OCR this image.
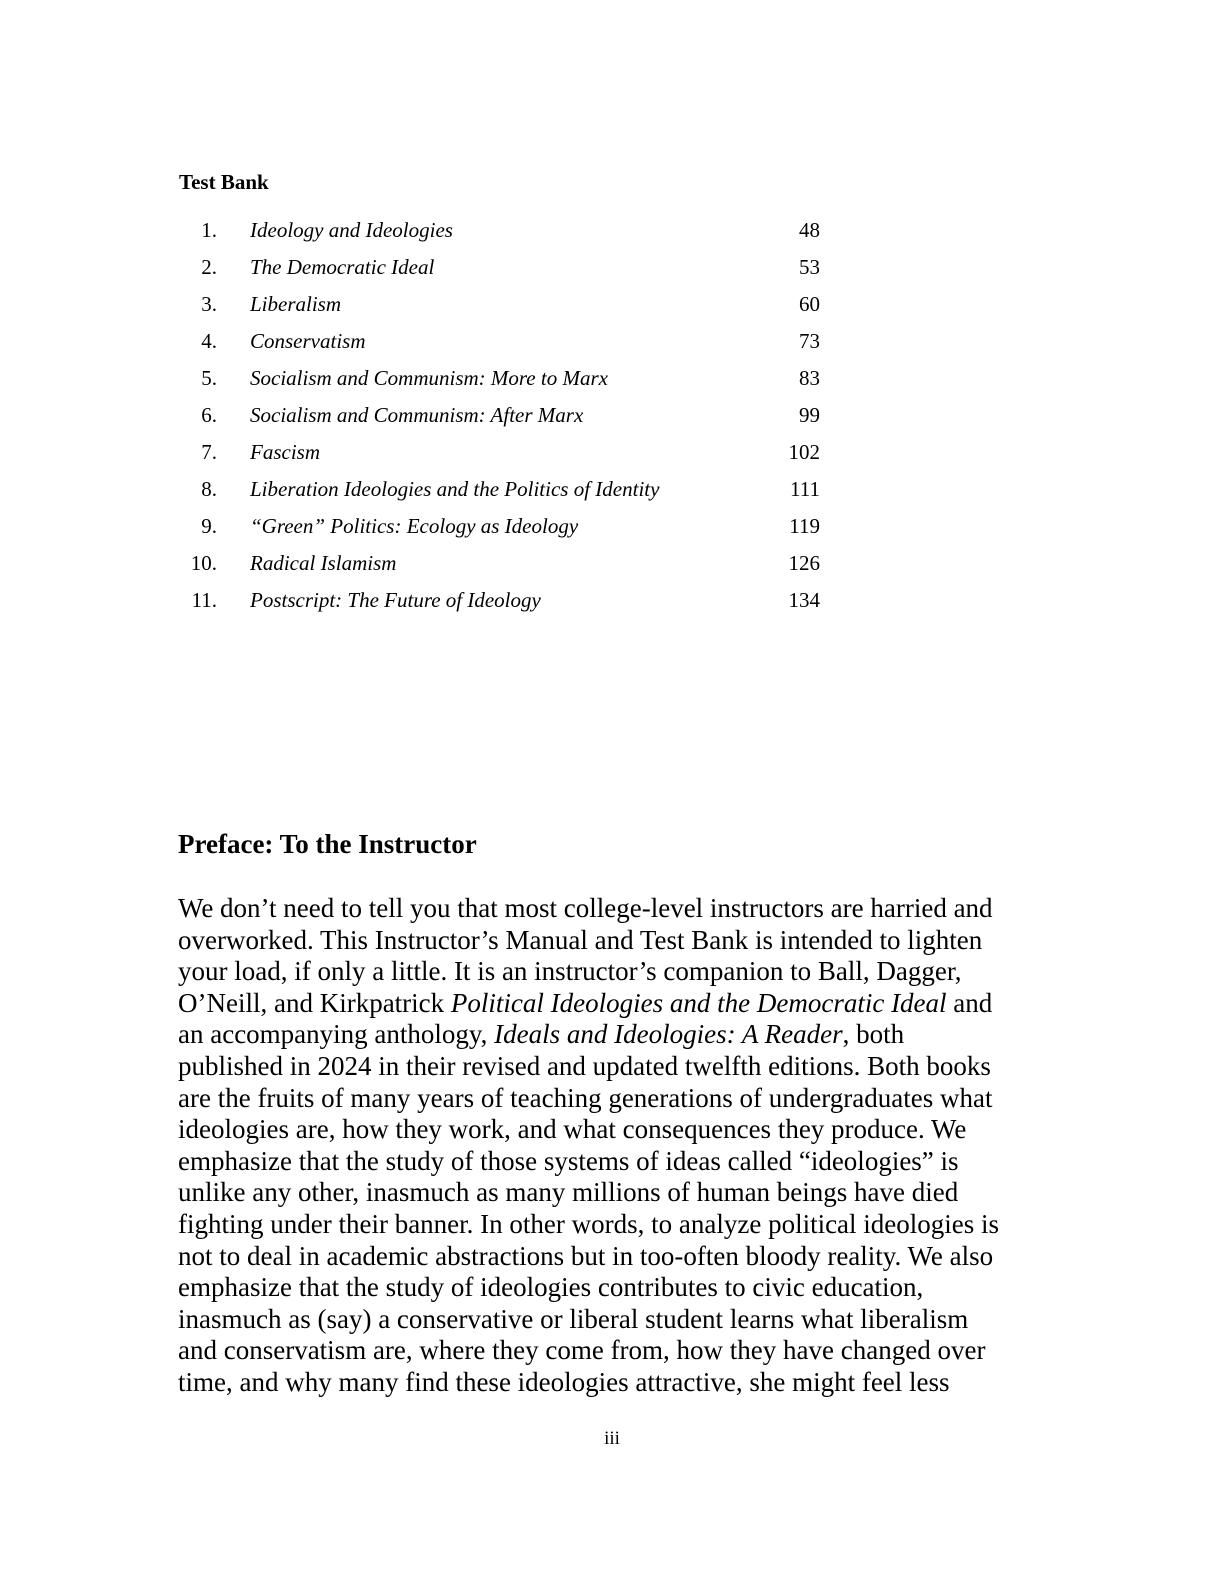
Test Bank
1. Ideology and Ideologies	48
2. The Democratic Ideal	53
3. Liberalism	60
4. Conservatism	73
5. Socialism and Communism: More to Marx	83
6. Socialism and Communism: After Marx	99
7. Fascism	102
8. Liberation Ideologies and the Politics of Identity	111
9. “Green” Politics: Ecology as Ideology	119
10. Radical Islamism	126
11. Postscript: The Future of Ideology	134
Preface: To the Instructor

We don’t need to tell you that most college-level instructors are harried and
overworked. This Instructor’s Manual and Test Bank is intended to lighten
your load, if only a little. It is an instructor’s companion to Ball, Dagger,
O’Neill, and Kirkpatrick Political Ideologies and the Democratic Ideal and
an accompanying anthology, Ideals and Ideologies: A Reader, both
published in 2024 in their revised and updated twelfth editions. Both books
are the fruits of many years of teaching generations of undergraduates what
ideologies are, how they work, and what consequences they produce. We
emphasize that the study of those systems of ideas called “ideologies” is
unlike any other, inasmuch as many millions of human beings have died
fighting under their banner. In other words, to analyze political ideologies is
not to deal in academic abstractions but in too-often bloody reality. We also
emphasize that the study of ideologies contributes to civic education,
inasmuch as (say) a conservative or liberal student learns what liberalism
and conservatism are, where they come from, how they have changed over
time, and why many find these ideologies attractive, she might feel less

iii
